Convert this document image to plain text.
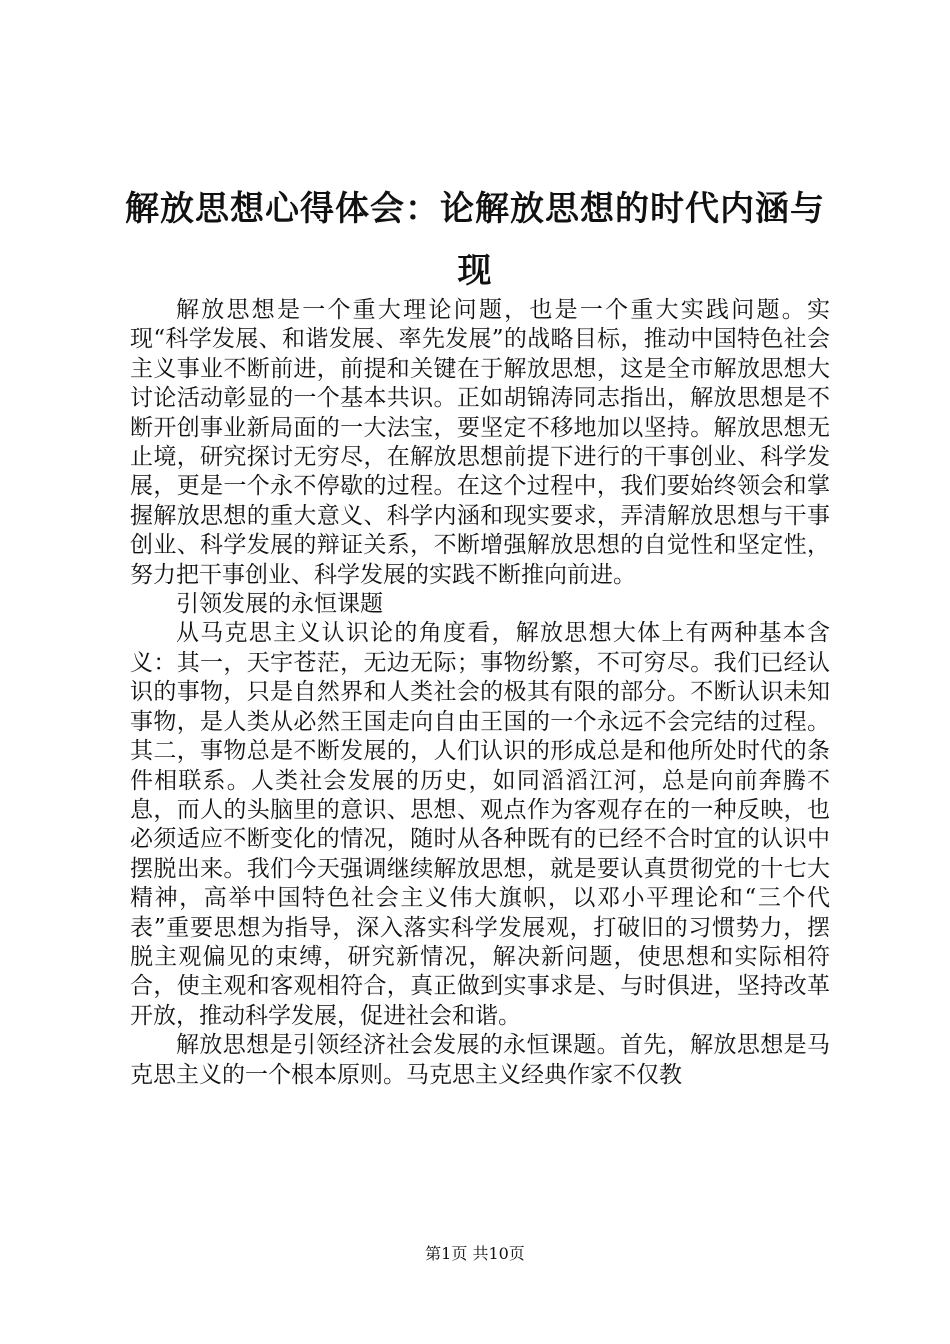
解放思想心得体会：论解放思想的时代内涵与现

解放思想是一个重大理论问题，也是一个重大实践问题。实现“科学发展、和谐发展、率先发展”的战略目标，推动中国特色社会主义事业不断前进，前提和关键在于解放思想，这是全市解放思想大讨论活动彰显的一个基本共识。正如胡锦涛同志指出，解放思想是不断开创事业新局面的一大法宝，要坚定不移地加以坚持。解放思想无止境，研究探讨无穷尽，在解放思想前提下进行的干事创业、科学发展，更是一个永不停歇的过程。在这个过程中，我们要始终领会和掌握解放思想的重大意义、科学内涵和现实要求，弄清解放思想与干事创业、科学发展的辩证关系，不断增强解放思想的自觉性和坚定性，努力把干事创业、科学发展的实践不断推向前进。

引领发展的永恒课题

从马克思主义认识论的角度看，解放思想大体上有两种基本含义：其一，天宇苍茫，无边无际；事物纷繁，不可穷尽。我们已经认识的事物，只是自然界和人类社会的极其有限的部分。不断认识未知事物，是人类从必然王国走向自由王国的一个永远不会完结的过程。其二，事物总是不断发展的，人们认识的形成总是和他所处时代的条件相联系。人类社会发展的历史，如同滔滔江河，总是向前奔腾不息，而人的头脑里的意识、思想、观点作为客观存在的一种反映，也必须适应不断变化的情况，随时从各种既有的已经不合时宜的认识中摆脱出来。我们今天强调继续解放思想，就是要认真贯彻党的十七大精神，高举中国特色社会主义伟大旗帜，以邓小平理论和“三个代表”重要思想为指导，深入落实科学发展观，打破旧的习惯势力，摆脱主观偏见的束缚，研究新情况，解决新问题，使思想和实际相符合，使主观和客观相符合，真正做到实事求是、与时俱进，坚持改革开放，推动科学发展，促进社会和谐。

解放思想是引领经济社会发展的永恒课题。首先，解放思想是马克思主义的一个根本原则。马克思主义经典作家不仅教

第1页 共10页
